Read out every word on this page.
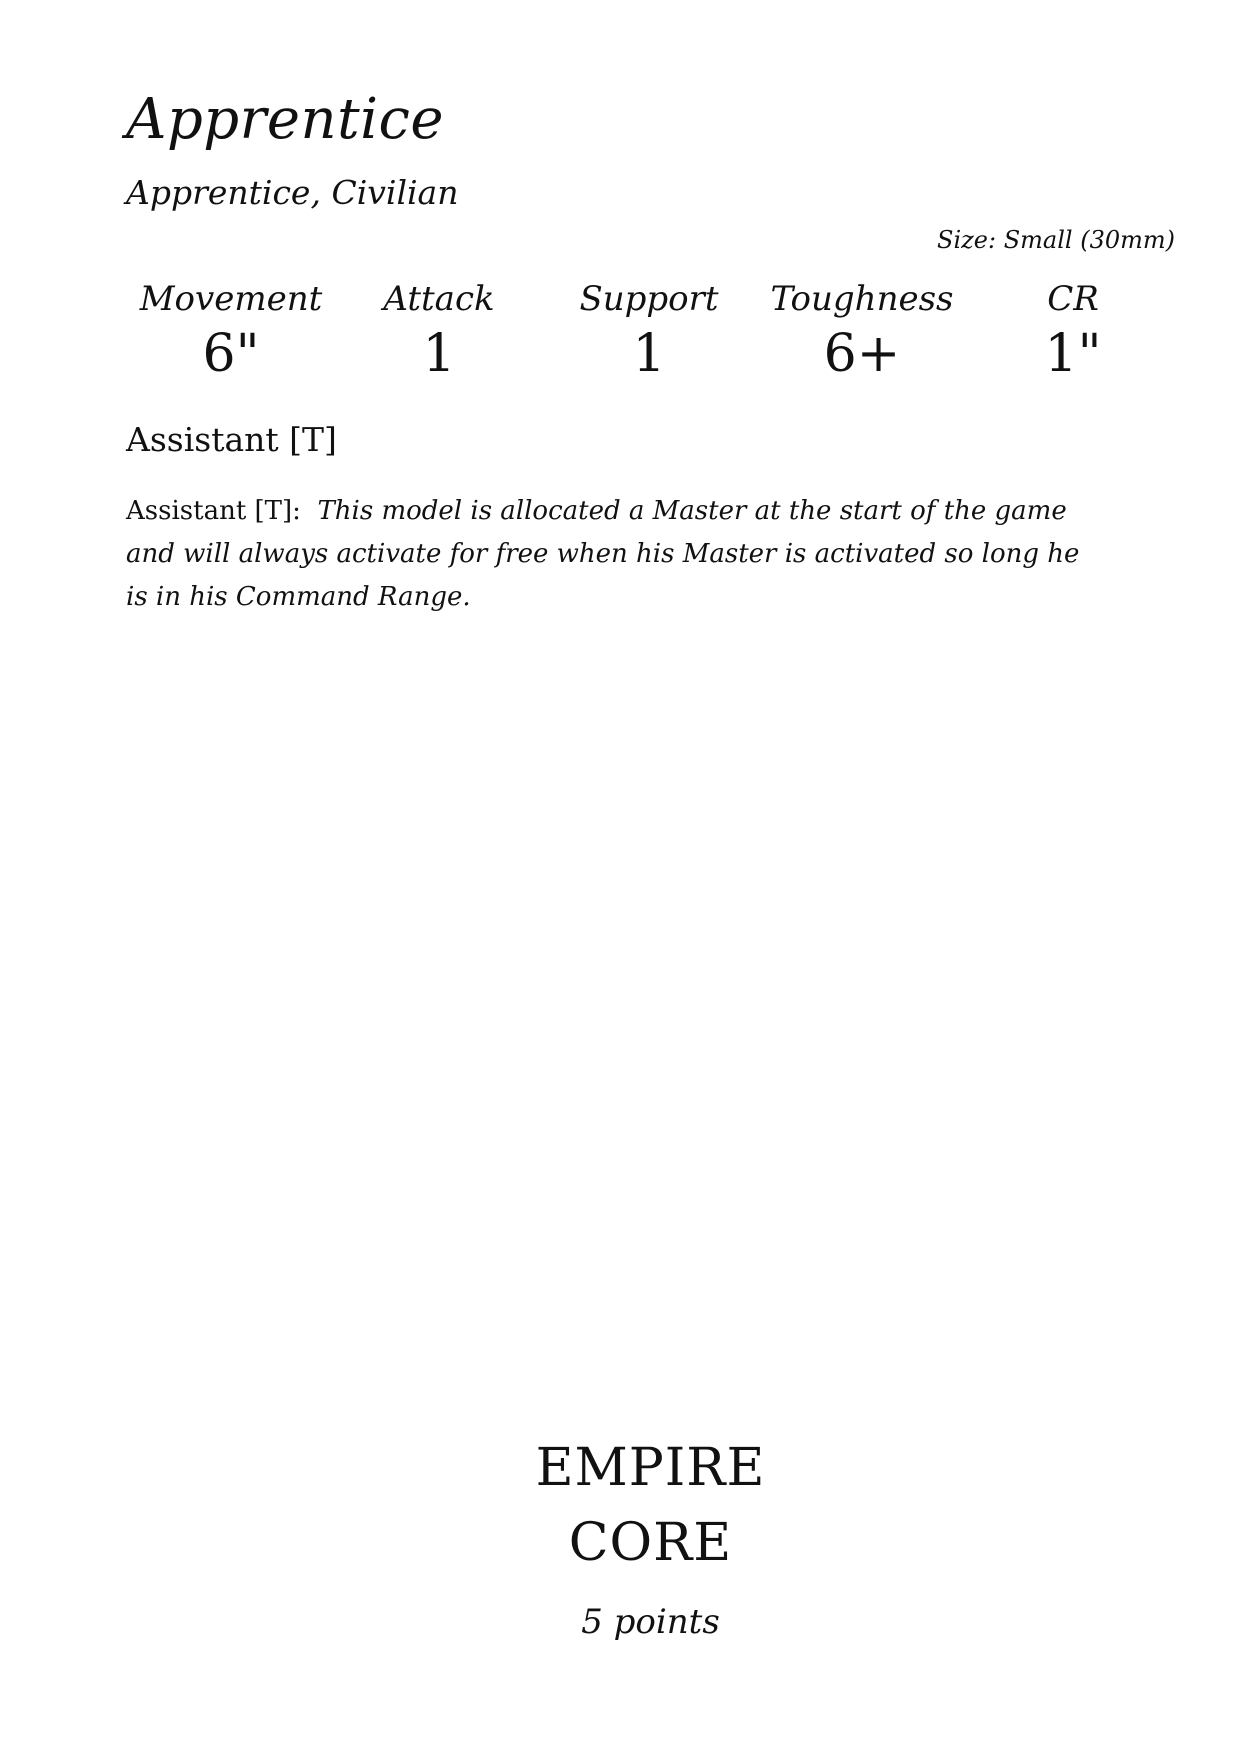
Apprentice
Apprentice, Civilian
Size: Small (30mm)
Movement
6"
Attack
1
Support
1
Toughness
6+
CR
1"
Assistant [T]

Assistant [T]: This model is allocated a Master at the start of the game and will always activate for free when his Master is activated so long he is in his Command Range.

EMPIRE
CORE
5 points
